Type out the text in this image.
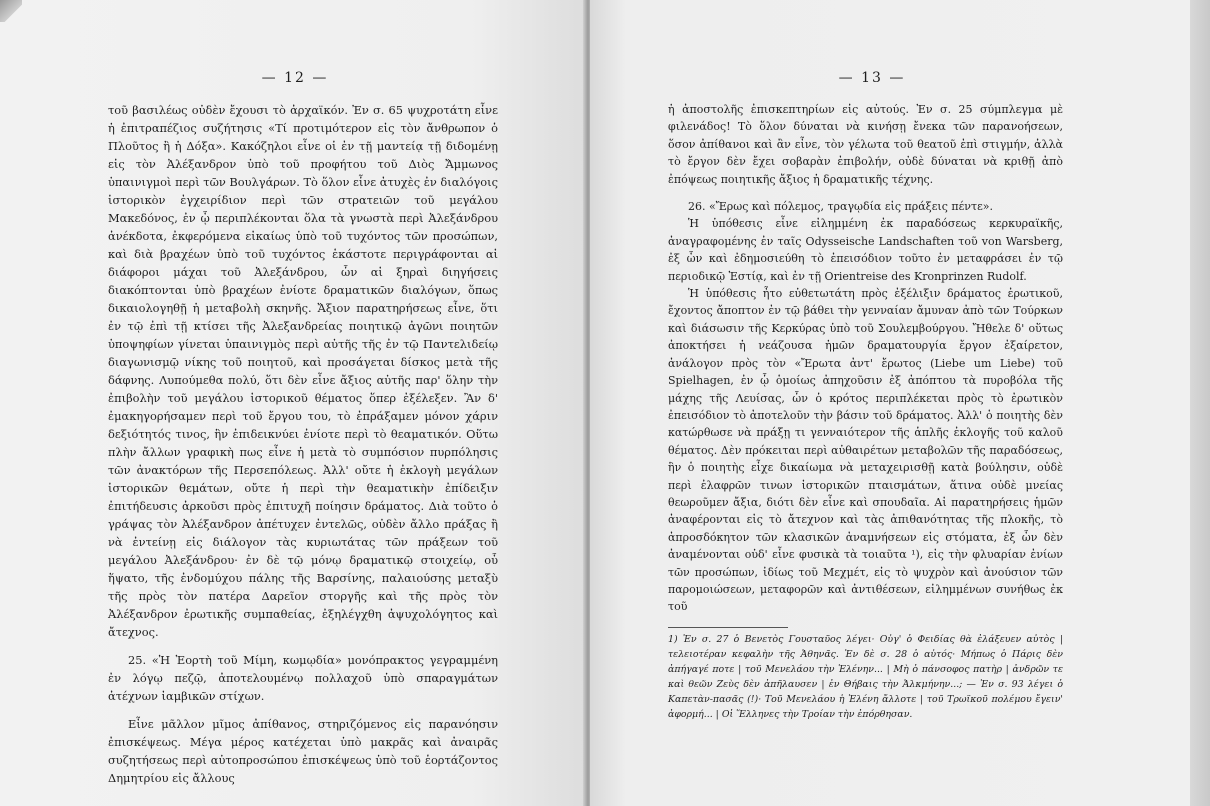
— 12 —

τοῦ βασιλέως οὐδὲν ἔχουσι τὸ ἀρχαϊκόν. Ἐν σ. 65 ψυχροτάτη εἶνε ἡ ἐπιτραπέζιος συζήτησις «Τί προτιμότερον εἰς τὸν ἄνθρωπον ὁ Πλοῦτος ἢ ἡ Δόξα». Κακόζηλοι εἶνε οἱ ἐν τῇ μαντείᾳ τῇ διδομένῃ εἰς τὸν Ἀλέξανδρον ὑπὸ τοῦ προφήτου τοῦ Διὸς Ἄμμωνος ὑπαινιγμοὶ περὶ τῶν Βουλγάρων. Τὸ ὅλον εἶνε ἀτυχὲς ἐν διαλόγοις ἱστορικὸν ἐγχειρίδιον περὶ τῶν στρατειῶν τοῦ μεγάλου Μακεδόνος, ἐν ᾧ περιπλέκονται ὅλα τὰ γνωστὰ περὶ Ἀλεξάνδρου ἀνέκδοτα, ἐκφερόμενα εἰκαίως ὑπὸ τοῦ τυχόντος τῶν προσώπων, καὶ διὰ βραχέων ὑπὸ τοῦ τυχόντος ἑκάστοτε περιγράφονται αἱ διάφοροι μάχαι τοῦ Ἀλεξάνδρου, ὧν αἱ ξηραὶ διηγήσεις διακόπτονται ὑπὸ βραχέων ἐνίοτε δραματικῶν διαλόγων, ὅπως δικαιολογηθῇ ἡ μεταβολὴ σκηνῆς. Ἄξιον παρατηρήσεως εἶνε, ὅτι ἐν τῷ ἐπὶ τῇ κτίσει τῆς Ἀλεξανδρείας ποιητικῷ ἀγῶνι ποιητῶν ὑποψηφίων γίνεται ὑπαινιγμὸς περὶ αὐτῆς τῆς ἐν τῷ Παντελιδείῳ διαγωνισμῷ νίκης τοῦ ποιητοῦ, καὶ προσάγεται δίσκος μετὰ τῆς δάφνης. Λυπούμεθα πολύ, ὅτι δὲν εἶνε ἄξιος αὐτῆς παρ' ὅλην τὴν ἐπιβολὴν τοῦ μεγάλου ἱστορικοῦ θέματος ὅπερ ἐξέλεξεν. Ἂν δ' ἐμακηγορήσαμεν περὶ τοῦ ἔργου του, τὸ ἐπράξαμεν μόνον χάριν δεξιότητός τινος, ἣν ἐπιδεικνύει ἐνίοτε περὶ τὸ θεαματικόν. Οὕτω πλὴν ἄλλων γραφικὴ πως εἶνε ἡ μετὰ τὸ συμπόσιον πυρπόλησις τῶν ἀνακτόρων τῆς Περσεπόλεως. Ἀλλ' οὔτε ἡ ἐκλογὴ μεγάλων ἱστορικῶν θεμάτων, οὔτε ἡ περὶ τὴν θεαματικὴν ἐπίδειξιν ἐπιτήδευσις ἀρκοῦσι πρὸς ἐπιτυχῆ ποίησιν δράματος. Διὰ τοῦτο ὁ γράψας τὸν Ἀλέξανδρον ἀπέτυχεν ἐντελῶς, οὐδὲν ἄλλο πράξας ἢ νὰ ἐντείνῃ εἰς διάλογον τὰς κυριωτάτας τῶν πράξεων τοῦ μεγάλου Ἀλεξάνδρου· ἐν δὲ τῷ μόνῳ δραματικῷ στοιχείῳ, οὗ ἥψατο, τῆς ἐνδομύχου πάλης τῆς Βαρσίνης, παλαιούσης μεταξὺ τῆς πρὸς τὸν πατέρα Δαρεῖον στοργῆς καὶ τῆς πρὸς τὸν Ἀλέξανδρον ἐρωτικῆς συμπαθείας, ἐξηλέγχθη ἀψυχολόγητος καὶ ἄτεχνος.

25. «Ἡ Ἑορτὴ τοῦ Μίμη, κωμῳδία» μονόπρακτος γεγραμμένη ἐν λόγῳ πεζῷ, ἀποτελουμένῳ πολλαχοῦ ὑπὸ σπαραγμάτων ἀτέχνων ἰαμβικῶν στίχων.

Εἶνε μᾶλλον μῖμος ἀπίθανος, στηριζόμενος εἰς παρανόησιν ἐπισκέψεως. Μέγα μέρος κατέχεται ὑπὸ μακρᾶς καὶ ἀναιρᾶς συζητήσεως περὶ αὐτοπροσώπου ἐπισκέψεως ὑπὸ τοῦ ἑορτάζοντος Δημητρίου εἰς ἄλλους

— 13 —

ἡ ἀποστολῆς ἐπισκεπτηρίων εἰς αὐτούς. Ἐν σ. 25 σύμπλεγμα μὲ φιλενάδος! Τὸ ὅλον δύναται νὰ κινήσῃ ἔνεκα τῶν παρανοήσεων, ὅσον ἀπίθανοι καὶ ἂν εἶνε, τὸν γέλωτα τοῦ θεατοῦ ἐπὶ στιγμήν, ἀλλὰ τὸ ἔργον δὲν ἔχει σοβαρὰν ἐπιβολήν, οὐδὲ δύναται νὰ κριθῇ ἀπὸ ἐπόψεως ποιητικῆς ἄξιος ἡ δραματικῆς τέχνης.

26. «Ἔρως καὶ πόλεμος, τραγῳδία εἰς πράξεις πέντε».

Ἡ ὑπόθεσις εἶνε εἰλημμένη ἐκ παραδόσεως κερκυραϊκῆς, ἀναγραφομένης ἐν ταῖς Odysseische Landschaften τοῦ von Warsberg, ἐξ ὧν καὶ ἐδημοσιεύθη τὸ ἐπεισόδιον τοῦτο ἐν μεταφράσει ἐν τῷ περιοδικῷ Ἑστίᾳ, καὶ ἐν τῇ Orientreise des Kronprinzen Rudolf.

Ἡ ὑπόθεσις ἦτο εὐθετωτάτη πρὸς ἐξέλιξιν δράματος ἐρωτικοῦ, ἔχοντος ἄποπτον ἐν τῷ βάθει τὴν γενναίαν ἄμυναν ἀπὸ τῶν Τούρκων καὶ διάσωσιν τῆς Κερκύρας ὑπὸ τοῦ Σουλεμβούργου. Ἤθελε δ' οὕτως ἀποκτήσει ἡ νεάζουσα ἡμῶν δραματουργία ἔργον ἐξαίρετον, ἀνάλογον πρὸς τὸν «Ἔρωτα ἀντ' ἔρωτος (Liebe um Liebe) τοῦ Spielhagen, ἐν ᾧ ὁμοίως ἀπηχοῦσιν ἐξ ἀπόπτου τὰ πυροβόλα τῆς μάχης τῆς Λευίσας, ὧν ὁ κρότος περιπλέκεται πρὸς τὸ ἐρωτικὸν ἐπεισόδιον τὸ ἀποτελοῦν τὴν βάσιν τοῦ δράματος. Ἀλλ' ὁ ποιητὴς δὲν κατώρθωσε νὰ πράξῃ τι γενναιότερον τῆς ἁπλῆς ἐκλογῆς τοῦ καλοῦ θέματος. Δὲν πρόκειται περὶ αὐθαιρέτων μεταβολῶν τῆς παραδόσεως, ἣν ὁ ποιητὴς εἶχε δικαίωμα νὰ μεταχειρισθῇ κατὰ βούλησιν, οὐδὲ περὶ ἐλαφρῶν τινων ἱστορικῶν πταισμάτων, ἅτινα οὐδὲ μνείας θεωροῦμεν ἄξια, διότι δὲν εἶνε καὶ σπουδαῖα. Αἱ παρατηρήσεις ἡμῶν ἀναφέρονται εἰς τὸ ἄτεχνον καὶ τὰς ἀπιθανότητας τῆς πλοκῆς, τὸ ἀπροσδόκητον τῶν κλασικῶν ἀναμνήσεων εἰς στόματα, ἐξ ὧν δὲν ἀναμένονται οὐδ' εἶνε φυσικὰ τὰ τοιαῦτα ¹), εἰς τὴν φλυαρίαν ἐνίων τῶν προσώπων, ἰδίως τοῦ Μεχμέτ, εἰς τὸ ψυχρὸν καὶ ἀνούσιον τῶν παρομοιώσεων, μεταφορῶν καὶ ἀντιθέσεων, εἰλημμένων συνήθως ἐκ τοῦ

1) Ἐν σ. 27 ὁ Βενετὸς Γουσταῦος λέγει· Οὐγ' ὁ Φειδίας θὰ ἐλάξευεν αὐτὸς | τελειοτέραν κεφαλὴν τῆς Ἀθηνᾶς. Ἐν δὲ σ. 28 ὁ αὐτός· Μήπως ὁ Πάρις δὲν ἀπήγαγέ ποτε | τοῦ Μενελάου τὴν Ἑλένην... | Μὴ ὁ πάνσοφος πατὴρ | ἀνδρῶν τε καὶ θεῶν Ζεὺς δὲν ἀπῆλαυσεν | ἐν Θήβαις τὴν Ἀλκμήνην...; — Ἐν σ. 93 λέγει ὁ Καπετὰν-πασᾶς (!)· Τοῦ Μενελάου ἡ Ἑλένη ἄλλοτε | τοῦ Τρωϊκοῦ πολέμου ἔγειν' ἀφορμή... | Οἱ Ἕλληνες τὴν Τροίαν τὴν ἐπόρθησαν.
